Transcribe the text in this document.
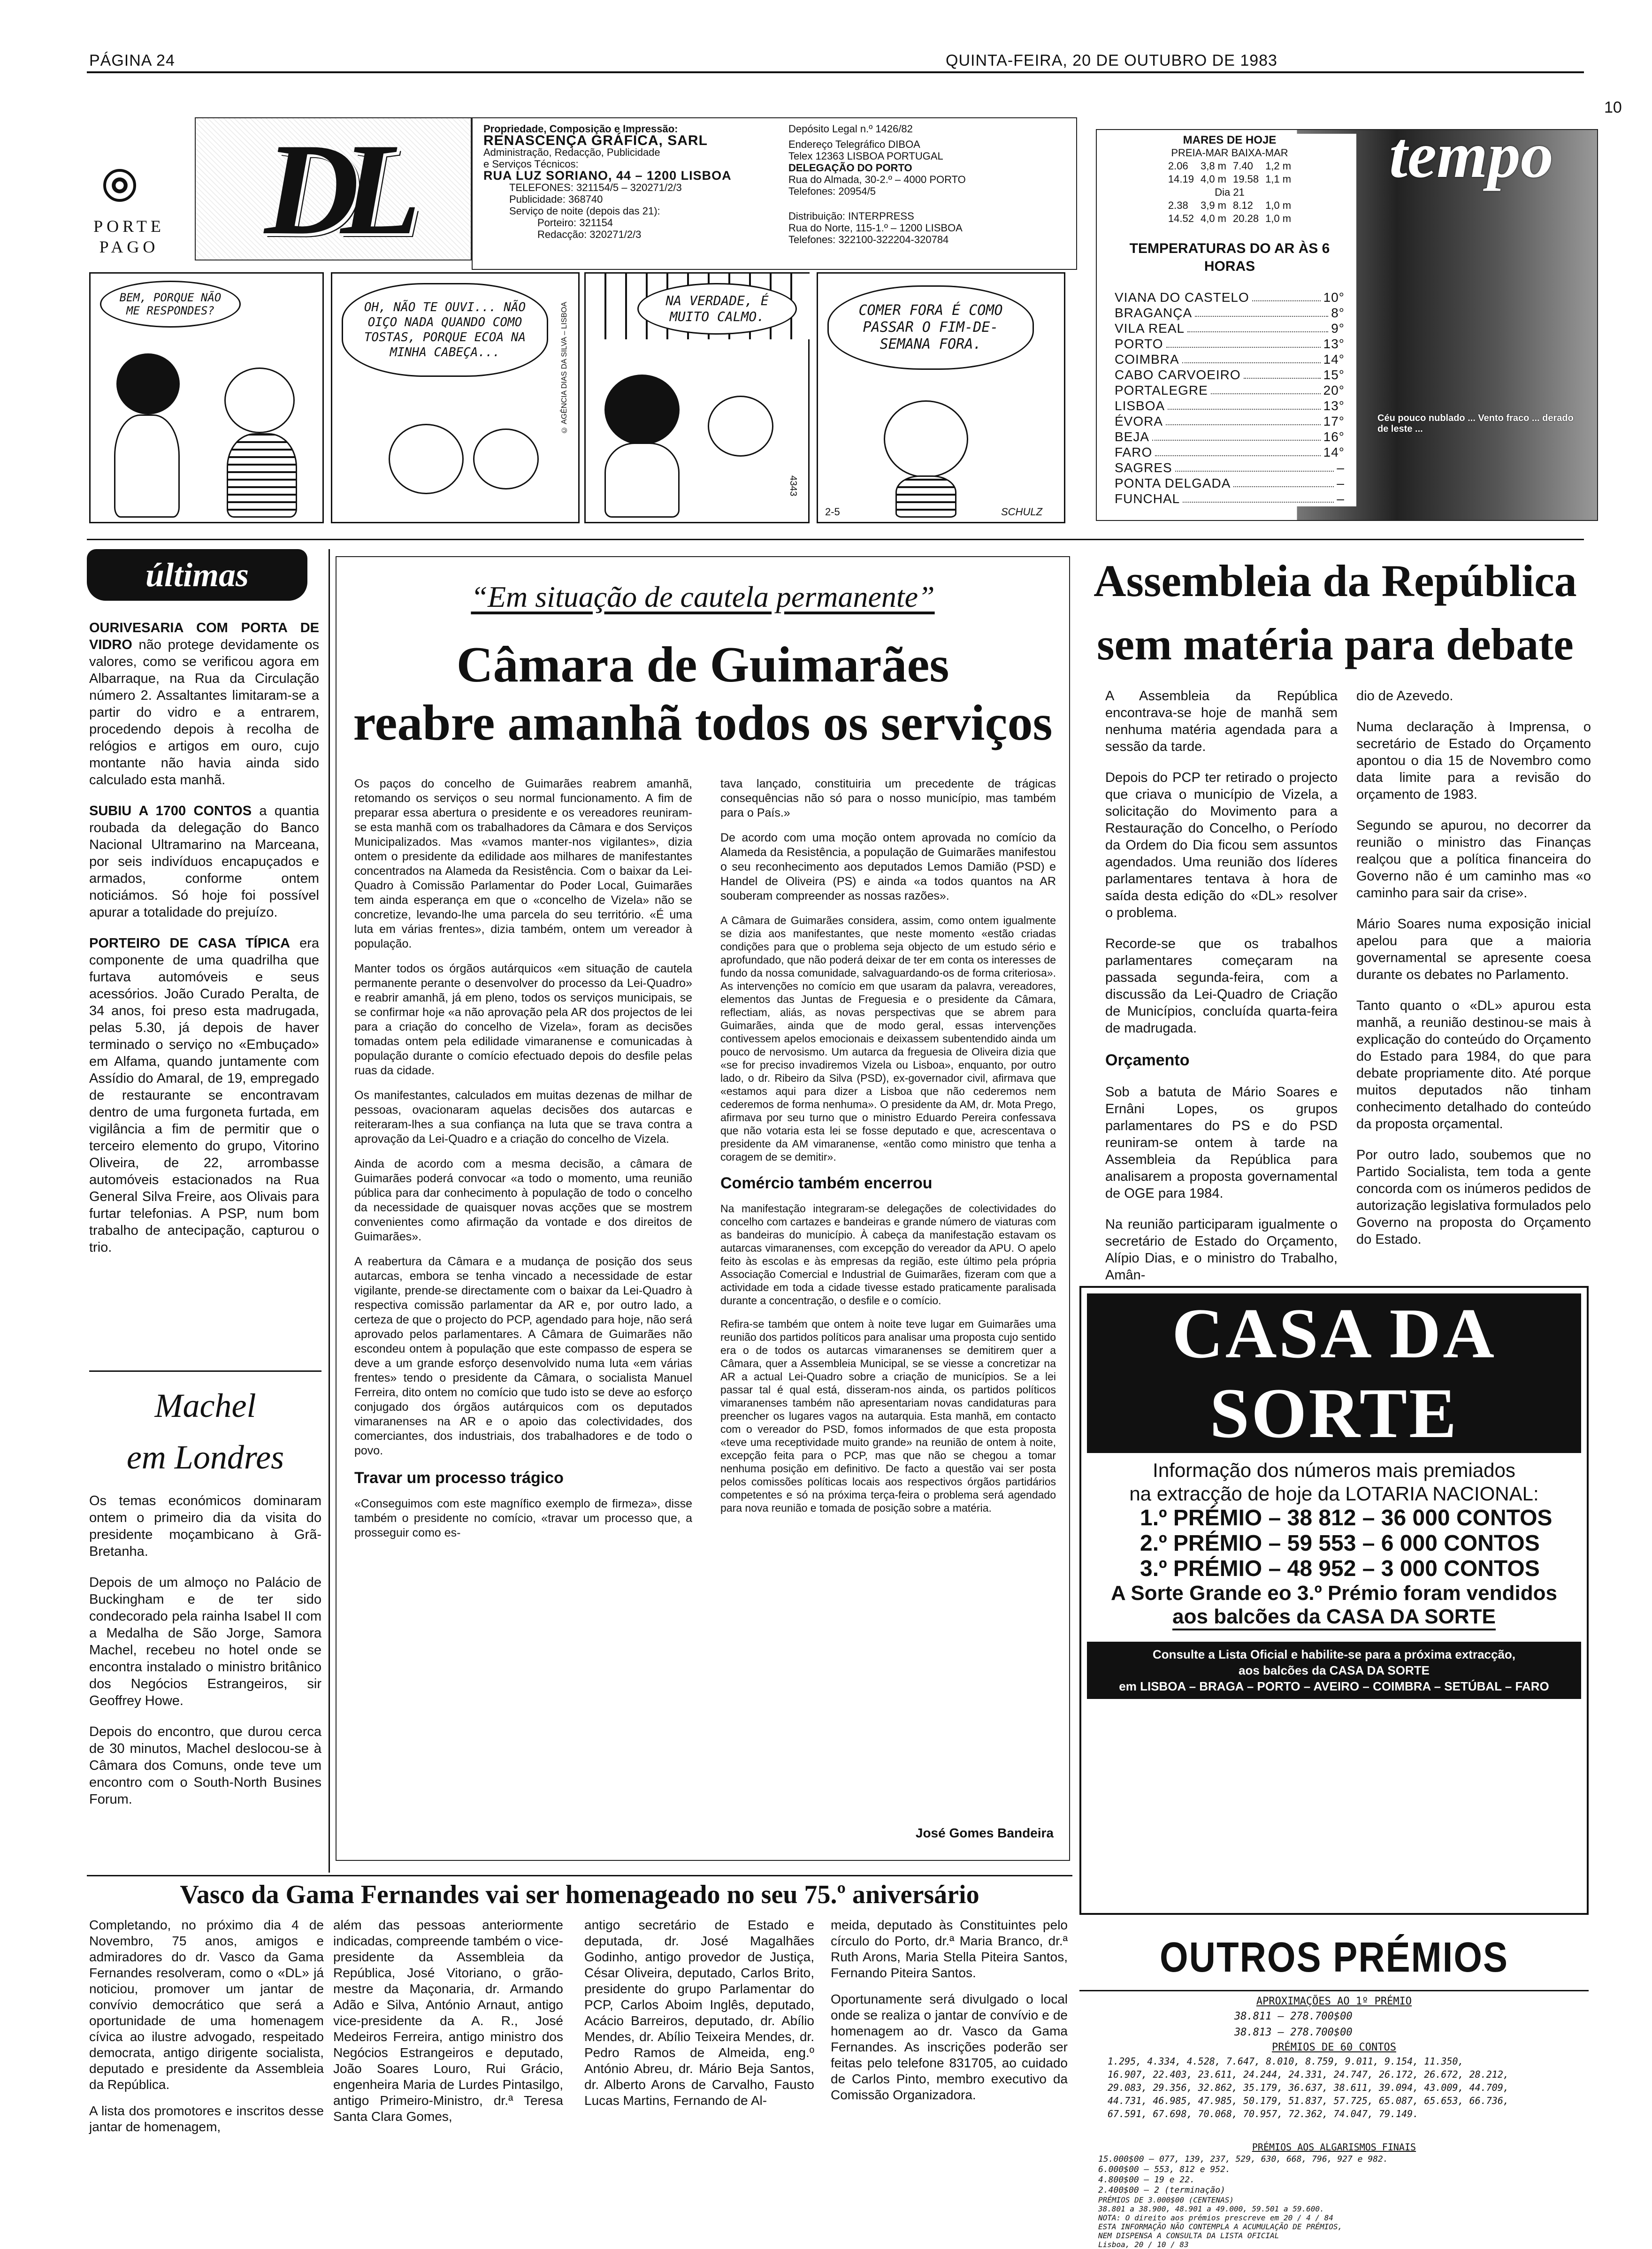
PÁGINA 24	QUINTA-FEIRA, 20 DE OUTUBRO DE 1983
10
PORTE
PAGO DL	Propriedade, Composição e Impressão:
RENASCENÇA GRÁFICA, SARL
Administração, Redacção, Publicidade
e Serviços Técnicos:
RUA LUZ SORIANO, 44 – 1200 LISBOA
TELEFONES: 321154/5 – 320271/2/3
Publicidade: 368740
Serviço de noite (depois das 21):
Porteiro: 321154
Redacção: 320271/2/3
Depósito Legal n.º 1426/82
Endereço Telegráfico DIBOA
Telex 12363 LISBOA PORTUGAL
DELEGAÇÃO DO PORTO
Rua do Almada, 30-2.º – 4000 PORTO
Telefones: 20954/5
Distribuição: INTERPRESS
Rua do Norte, 115-1.º – 1200 LISBOA
Telefones: 322100-322204-320784
BEM, PORQUE NÃO ME RESPONDES?	OH, NÃO TE OUVI... NÃO OIÇO NADA QUANDO COMO TOSTAS, PORQUE ECOA NA MINHA CABEÇA...	© AGÊNCIA DIAS DA SILVA – LISBOA
NA VERDADE, É MUITO CALMO.
4343
COMER FORA É COMO PASSAR O FIM-DE-SEMANA FORA.
2-5	SCHULZ
tempo
MARES DE HOJE
PREIA-MAR BAIXA-MAR
2.06	3,8 m	7.40	1,2 m
14.19	4,0 m	19.58	1,1 m
Dia 21
2.38	3,9 m	8.12	1,0 m
14.52	4,0 m	20.28	1,0 m
TEMPERATURAS DO AR ÀS 6 HORAS
VIANA DO CASTELO	10°
BRAGANÇA	8°
VILA REAL	9°
PORTO	13°
COIMBRA	14°
CABO CARVOEIRO	15°
PORTALEGRE	20°
LISBOA	13°
ÉVORA	17°
BEJA	16°
FARO	14°
SAGRES	–
PONTA DELGADA	–
FUNCHAL	–
Céu pouco nublado ... Vento fraco ... derado de leste ...
últimas

OURIVESARIA COM PORTA DE VIDRO não protege devidamente os valores, como se verificou agora em Albarraque, na Rua da Circulação número 2. Assaltantes limitaram-se a partir do vidro e a entrarem, procedendo depois à recolha de relógios e artigos em ouro, cujo montante não havia ainda sido calculado esta manhã.

SUBIU A 1700 CONTOS a quantia roubada da delegação do Banco Nacional Ultramarino na Marceana, por seis indivíduos encapuçados e armados, conforme ontem noticiámos. Só hoje foi possível apurar a totalidade do prejuízo.

PORTEIRO DE CASA TÍPICA era componente de uma quadrilha que furtava automóveis e seus acessórios. João Curado Peralta, de 34 anos, foi preso esta madrugada, pelas 5.30, já depois de haver terminado o serviço no «Embuçado» em Alfama, quando juntamente com Assídio do Amaral, de 19, empregado de restaurante se encontravam dentro de uma furgoneta furtada, em vigilância a fim de permitir que o terceiro elemento do grupo, Vitorino Oliveira, de 22, arrombasse automóveis estacionados na Rua General Silva Freire, aos Olivais para furtar telefonias. A PSP, num bom trabalho de antecipação, capturou o trio.

Machel
em Londres

Os temas económicos dominaram ontem o primeiro dia da visita do presidente moçambicano à Grã-Bretanha.

Depois de um almoço no Palácio de Buckingham e de ter sido condecorado pela rainha Isabel II com a Medalha de São Jorge, Samora Machel, recebeu no hotel onde se encontra instalado o ministro britânico dos Negócios Estrangeiros, sir Geoffrey Howe.

Depois do encontro, que durou cerca de 30 minutos, Machel deslocou-se à Câmara dos Comuns, onde teve um encontro com o South-North Busines Forum.

“Em situação de cautela permanente”
Câmara de Guimarães
reabre amanhã todos os serviços

Os paços do concelho de Guimarães reabrem amanhã, retomando os serviços o seu normal funcionamento. A fim de preparar essa abertura o presidente e os vereadores reuniram-se esta manhã com os trabalhadores da Câmara e dos Serviços Municipalizados. Mas «vamos manter-nos vigilantes», dizia ontem o presidente da edilidade aos milhares de manifestantes concentrados na Alameda da Resistência. Com o baixar da Lei-Quadro à Comissão Parlamentar do Poder Local, Guimarães tem ainda esperança em que o «concelho de Vizela» não se concretize, levando-lhe uma parcela do seu território. «É uma luta em várias frentes», dizia também, ontem um vereador à população.

Manter todos os órgãos autárquicos «em situação de cautela permanente perante o desenvolver do processo da Lei-Quadro» e reabrir amanhã, já em pleno, todos os serviços municipais, se se confirmar hoje «a não aprovação pela AR dos projectos de lei para a criação do concelho de Vizela», foram as decisões tomadas ontem pela edilidade vimaranense e comunicadas à população durante o comício efectuado depois do desfile pelas ruas da cidade.

Os manifestantes, calculados em muitas dezenas de milhar de pessoas, ovacionaram aquelas decisões dos autarcas e reiteraram-lhes a sua confiança na luta que se trava contra a aprovação da Lei-Quadro e a criação do concelho de Vizela.

Ainda de acordo com a mesma decisão, a câmara de Guimarães poderá convocar «a todo o momento, uma reunião pública para dar conhecimento à população de todo o concelho da necessidade de quaisquer novas acções que se mostrem convenientes como afirmação da vontade e dos direitos de Guimarães».

A reabertura da Câmara e a mudança de posição dos seus autarcas, embora se tenha vincado a necessidade de estar vigilante, prende-se directamente com o baixar da Lei-Quadro à respectiva comissão parlamentar da AR e, por outro lado, a certeza de que o projecto do PCP, agendado para hoje, não será aprovado pelos parlamentares. A Câmara de Guimarães não escondeu ontem à população que este compasso de espera se deve a um grande esforço desenvolvido numa luta «em várias frentes» tendo o presidente da Câmara, o socialista Manuel Ferreira, dito ontem no comício que tudo isto se deve ao esforço conjugado dos órgãos autárquicos com os deputados vimaranenses na AR e o apoio das colectividades, dos comerciantes, dos industriais, dos trabalhadores e de todo o povo.

Travar um processo trágico

«Conseguimos com este magnífico exemplo de firmeza», disse também o presidente no comício, «travar um processo que, a prosseguir como es-

tava lançado, constituiria um precedente de trágicas consequências não só para o nosso município, mas também para o País.»

De acordo com uma moção ontem aprovada no comício da Alameda da Resistência, a população de Guimarães manifestou o seu reconhecimento aos deputados Lemos Damião (PSD) e Handel de Oliveira (PS) e ainda «a todos quantos na AR souberam compreender as nossas razões».

A Câmara de Guimarães considera, assim, como ontem igualmente se dizia aos manifestantes, que neste momento «estão criadas condições para que o problema seja objecto de um estudo sério e aprofundado, que não poderá deixar de ter em conta os interesses de fundo da nossa comunidade, salvaguardando-os de forma criteriosa». As intervenções no comício em que usaram da palavra, vereadores, elementos das Juntas de Freguesia e o presidente da Câmara, reflectiam, aliás, as novas perspectivas que se abrem para Guimarães, ainda que de modo geral, essas intervenções contivessem apelos emocionais e deixassem subentendido ainda um pouco de nervosismo. Um autarca da freguesia de Oliveira dizia que «se for preciso invadiremos Vizela ou Lisboa», enquanto, por outro lado, o dr. Ribeiro da Silva (PSD), ex-governador civil, afirmava que «estamos aqui para dizer a Lisboa que não cederemos nem cederemos de forma nenhuma». O presidente da AM, dr. Mota Prego, afirmava por seu turno que o ministro Eduardo Pereira confessava que não votaria esta lei se fosse deputado e que, acrescentava o presidente da AM vimaranense, «então como ministro que tenha a coragem de se demitir».

Comércio também encerrou

Na manifestação integraram-se delegações de colectividades do concelho com cartazes e bandeiras e grande número de viaturas com as bandeiras do município. À cabeça da manifestação estavam os autarcas vimaranenses, com excepção do vereador da APU. O apelo feito às escolas e às empresas da região, este último pela própria Associação Comercial e Industrial de Guimarães, fizeram com que a actividade em toda a cidade tivesse estado praticamente paralisada durante a concentração, o desfile e o comício.

Refira-se também que ontem à noite teve lugar em Guimarães uma reunião dos partidos políticos para analisar uma proposta cujo sentido era o de todos os autarcas vimaranenses se demitirem quer a Câmara, quer a Assembleia Municipal, se se viesse a concretizar na AR a actual Lei-Quadro sobre a criação de municípios. Se a lei passar tal é qual está, disseram-nos ainda, os partidos políticos vimaranenses também não apresentariam novas candidaturas para preencher os lugares vagos na autarquia. Esta manhã, em contacto com o vereador do PSD, fomos informados de que esta proposta «teve uma receptividade muito grande» na reunião de ontem à noite, excepção feita para o PCP, mas que não se chegou a tomar nenhuma posição em definitivo. De facto a questão vai ser posta pelos comissões políticas locais aos respectivos órgãos partidários competentes e só na próxima terça-feira o problema será agendado para nova reunião e tomada de posição sobre a matéria.

José Gomes Bandeira
Assembleia da República
sem matéria para debate

A Assembleia da República encontrava-se hoje de manhã sem nenhuma matéria agendada para a sessão da tarde.

Depois do PCP ter retirado o projecto que criava o município de Vizela, a solicitação do Movimento para a Restauração do Concelho, o Período da Ordem do Dia ficou sem assuntos agendados. Uma reunião dos líderes parlamentares tentava à hora de saída desta edição do «DL» resolver o problema.

Recorde-se que os trabalhos parlamentares começaram na passada segunda-feira, com a discussão da Lei-Quadro de Criação de Municípios, concluída quarta-feira de madrugada.

Orçamento

Sob a batuta de Mário Soares e Ernâni Lopes, os grupos parlamentares do PS e do PSD reuniram-se ontem à tarde na Assembleia da República para analisarem a proposta governamental de OGE para 1984.

Na reunião participaram igualmente o secretário de Estado do Orçamento, Alípio Dias, e o ministro do Trabalho, Amân-

dio de Azevedo.

Numa declaração à Imprensa, o secretário de Estado do Orçamento apontou o dia 15 de Novembro como data limite para a revisão do orçamento de 1983.

Segundo se apurou, no decorrer da reunião o ministro das Finanças realçou que a política financeira do Governo não é um caminho mas «o caminho para sair da crise».

Mário Soares numa exposição inicial apelou para que a maioria governamental se apresente coesa durante os debates no Parlamento.

Tanto quanto o «DL» apurou esta manhã, a reunião destinou-se mais à explicação do conteúdo do Orçamento do Estado para 1984, do que para debate propriamente dito. Até porque muitos deputados não tinham conhecimento detalhado do conteúdo da proposta orçamental.

Por outro lado, soubemos que no Partido Socialista, tem toda a gente concorda com os inúmeros pedidos de autorização legislativa formulados pelo Governo na proposta do Orçamento do Estado.

CASA DA SORTE
Informação dos números mais premiados
na extracção de hoje da LOTARIA NACIONAL:
1.º PRÉMIO – 38 812 – 36 000 CONTOS
2.º PRÉMIO – 59 553 – 6 000 CONTOS
3.º PRÉMIO – 48 952 – 3 000 CONTOS
A Sorte Grande eo 3.º Prémio foram vendidos
aos balcões da CASA DA SORTE
Consulte a Lista Oficial e habilite-se para a próxima extracção,
aos balcões da CASA DA SORTE
em LISBOA – BRAGA – PORTO – AVEIRO – COIMBRA – SETÚBAL – FARO
OUTROS PRÉMIOS
APROXIMAÇÕES AO 1º PRÉMIO
38.811 – 278.700$00
38.813 – 278.700$00
PRÉMIOS DE 60 CONTOS
1.295, 4.334, 4.528, 7.647, 8.010, 8.759, 9.011, 9.154, 11.350,
16.907, 22.403, 23.611, 24.244, 24.331, 24.747, 26.172, 26.672, 28.212,
29.083, 29.356, 32.862, 35.179, 36.637, 38.611, 39.094, 43.009, 44.709,
44.731, 46.985, 47.985, 50.179, 51.837, 57.725, 65.087, 65.653, 66.736,
67.591, 67.698, 70.068, 70.957, 72.362, 74.047, 79.149.
PRÉMIOS AOS ALGARISMOS FINAIS
15.000$00 – 077, 139, 237, 529, 630, 668, 796, 927 e 982.
6.000$00 – 553, 812 e 952.
4.800$00 – 19 e 22.
2.400$00 – 2 (terminação)
PRÉMIOS DE 3.000$00 (CENTENAS)
38.801 a 38.900, 48.901 a 49.000, 59.501 a 59.600.
NOTA: O direito aos prémios prescreve em 20 / 4 / 84
ESTA INFORMAÇÃO NÃO CONTEMPLA A ACUMULAÇÃO DE PRÉMIOS,
NEM DISPENSA A CONSULTA DA LISTA OFICIAL
Lisboa, 20 / 10 / 83
Vasco da Gama Fernandes vai ser homenageado no seu 75.º aniversário

Completando, no próximo dia 4 de Novembro, 75 anos, amigos e admiradores do dr. Vasco da Gama Fernandes resolveram, como o «DL» já noticiou, promover um jantar de convívio democrático que será a oportunidade de uma homenagem cívica ao ilustre advogado, respeitado democrata, antigo dirigente socialista, deputado e presidente da Assembleia da República.

A lista dos promotores e inscritos desse jantar de homenagem,

além das pessoas anteriormente indicadas, compreende também o vice-presidente da Assembleia da República, José Vitoriano, o grão-mestre da Maçonaria, dr. Armando Adão e Silva, António Arnaut, antigo vice-presidente da A. R., José Medeiros Ferreira, antigo ministro dos Negócios Estrangeiros e deputado, João Soares Louro, Rui Grácio, engenheira Maria de Lurdes Pintasilgo, antigo Primeiro-Ministro, dr.ª Teresa Santa Clara Gomes,

antigo secretário de Estado e deputada, dr. José Magalhães Godinho, antigo provedor de Justiça, César Oliveira, deputado, Carlos Brito, presidente do grupo Parlamentar do PCP, Carlos Aboim Inglês, deputado, Acácio Barreiros, deputado, dr. Abílio Mendes, dr. Abílio Teixeira Mendes, dr. Pedro Ramos de Almeida, eng.º António Abreu, dr. Mário Beja Santos, dr. Alberto Arons de Carvalho, Fausto Lucas Martins, Fernando de Al-

meida, deputado às Constituintes pelo círculo do Porto, dr.ª Maria Branco, dr.ª Ruth Arons, Maria Stella Piteira Santos, Fernando Piteira Santos.

Oportunamente será divulgado o local onde se realiza o jantar de convívio e de homenagem ao dr. Vasco da Gama Fernandes. As inscrições poderão ser feitas pelo telefone 831705, ao cuidado de Carlos Pinto, membro executivo da Comissão Organizadora.
